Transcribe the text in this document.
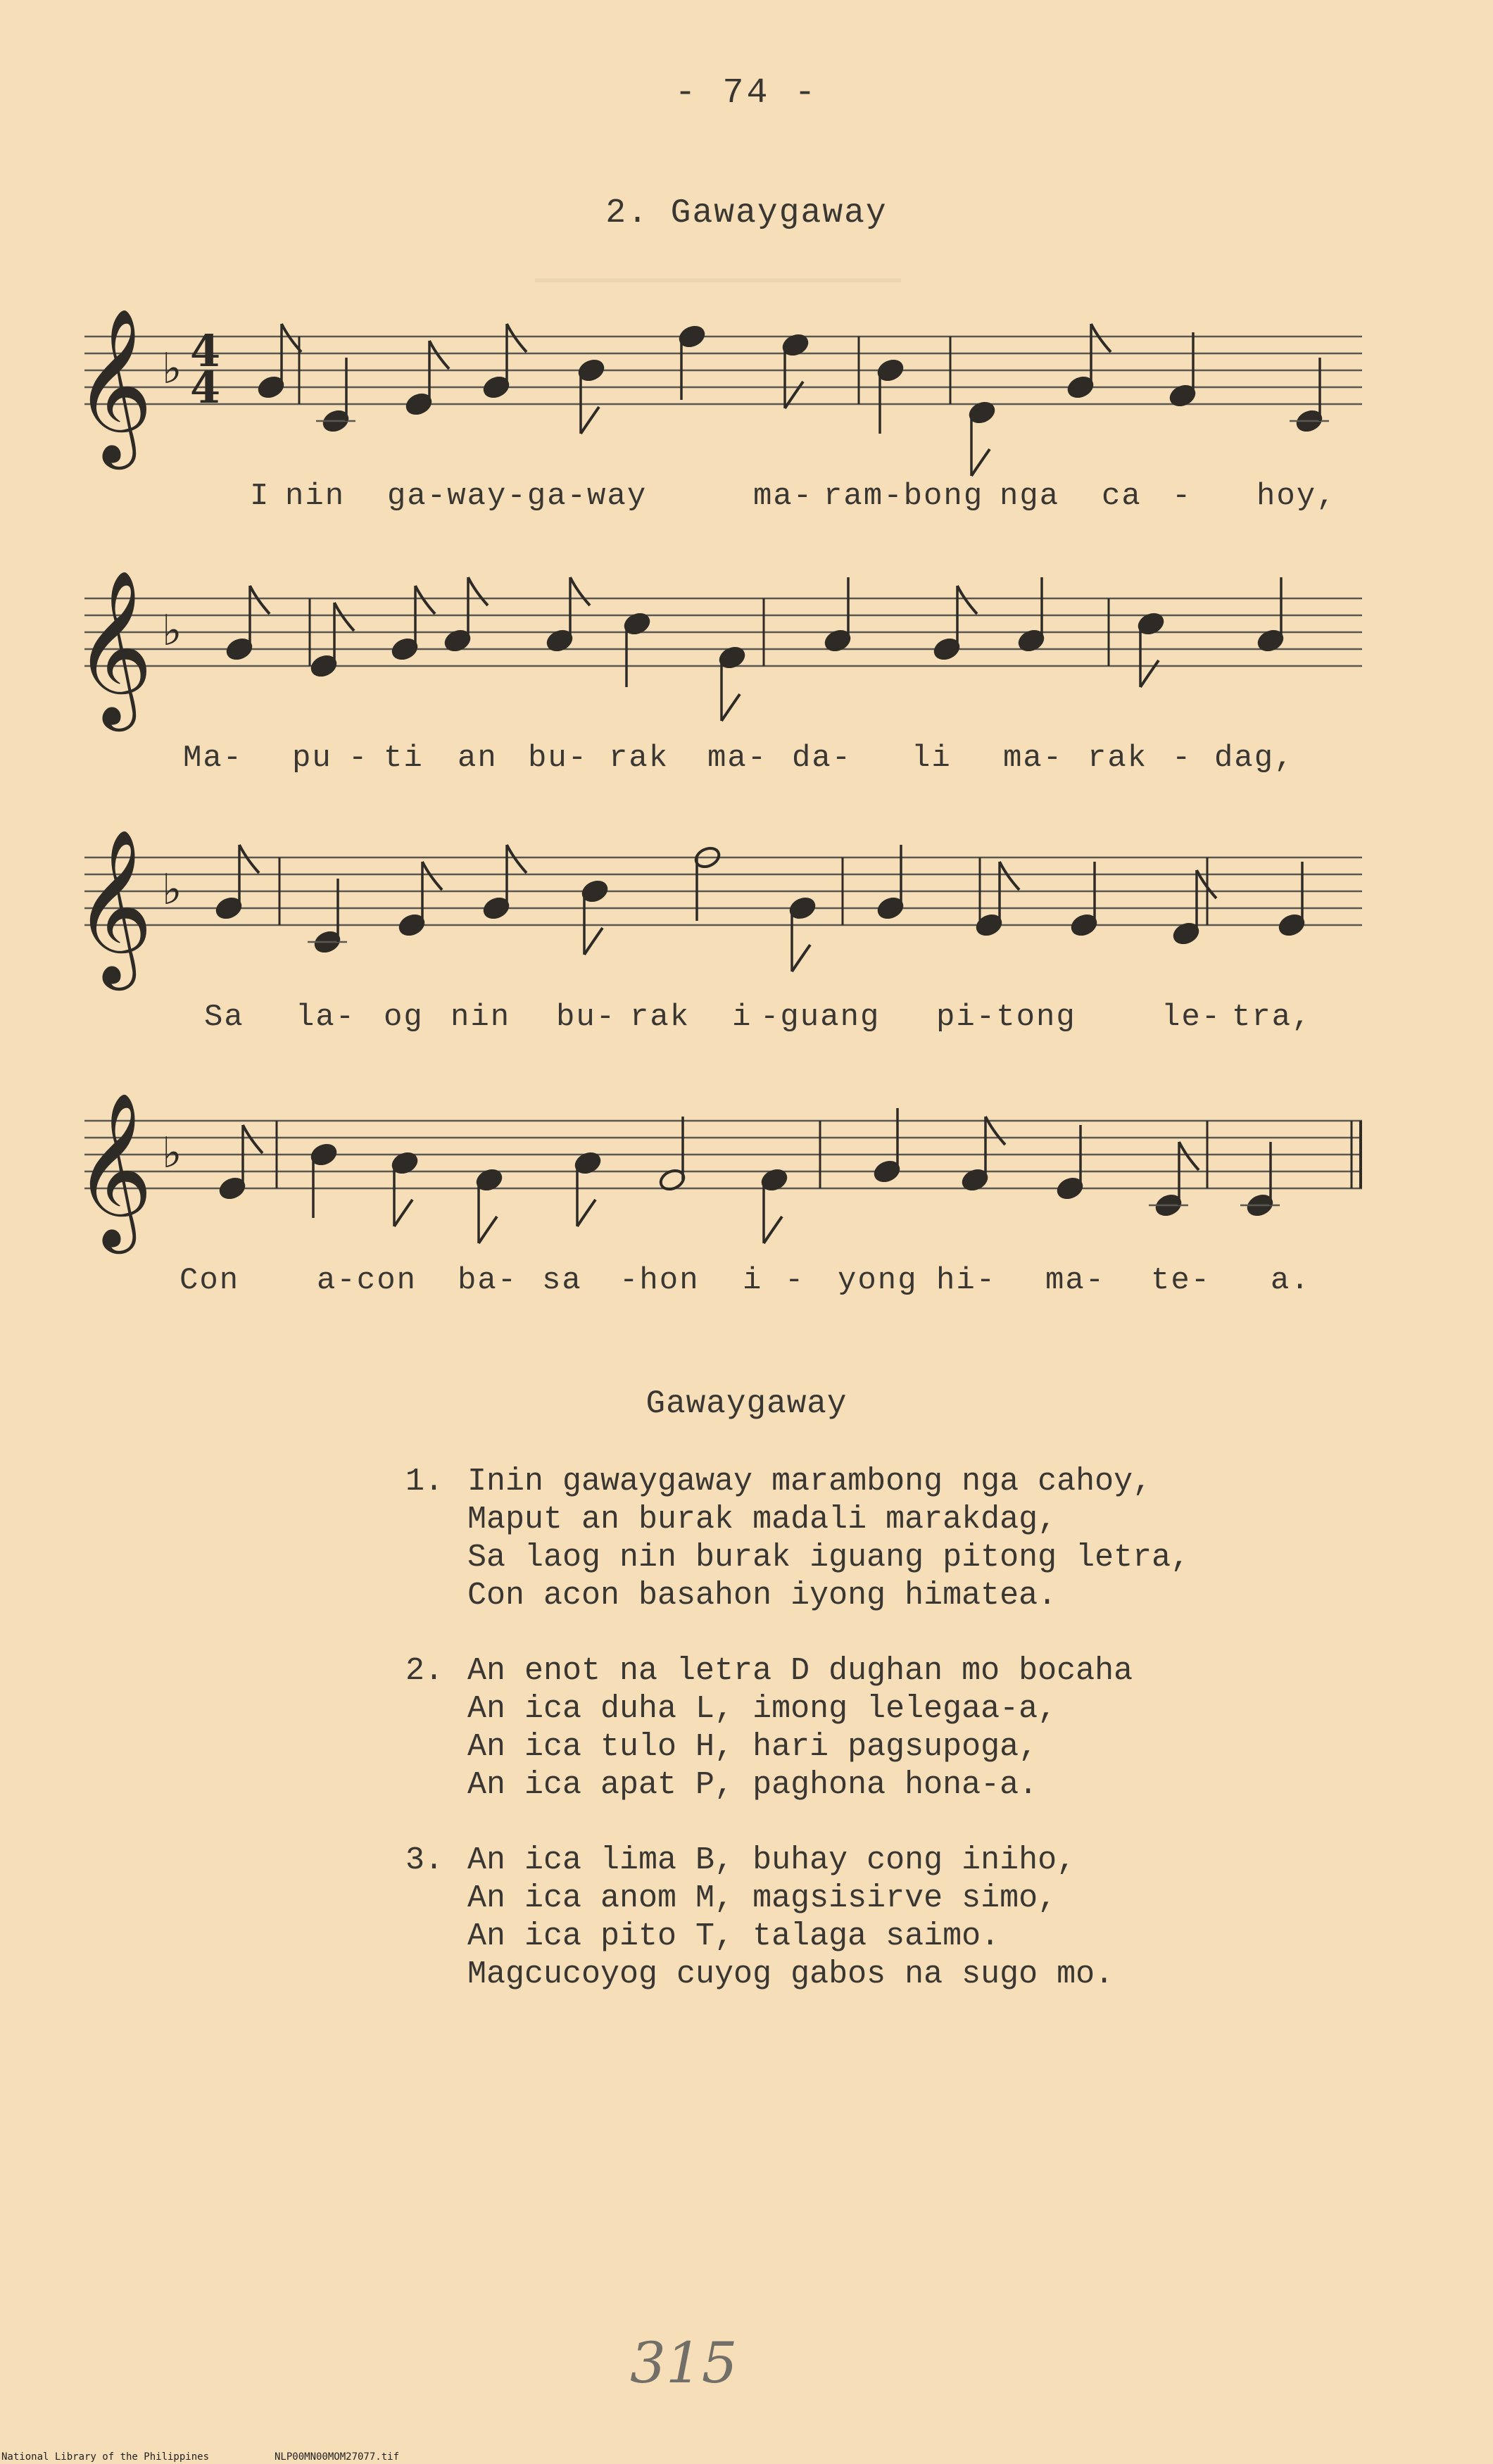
- 74 -
2. Gawaygaway
𝄞 ♭ 4
4
I nin ga-way-ga-way	ma- ram-bong nga ca - hoy,
𝄞 ♭
Ma- pu - ti an bu- rak ma- da- li ma- rak - dag,
𝄞 ♭
Sa la- og nin bu- rak i -guang pi-tong	le- tra,
𝄞 ♭
Con a-con ba- sa -hon i - yong hi- ma- te- a.
Gawaygaway
1. Inin gawaygaway marambong nga cahoy,
Maput an burak madali marakdag,
Sa laog nin burak iguang pitong letra,
Con acon basahon iyong himatea.
2. An enot na letra D dughan mo bocaha
An ica duha L, imong lelegaa-a,
An ica tulo H, hari pagsupoga,
An ica apat P, paghona hona-a.
3. An ica lima B, buhay cong iniho,
An ica anom M, magsisirve simo,
An ica pito T, talaga saimo.
Magcucoyog cuyog gabos na sugo mo.
315
National Library of the Philippines	NLP00MN00MOM27077.tif
